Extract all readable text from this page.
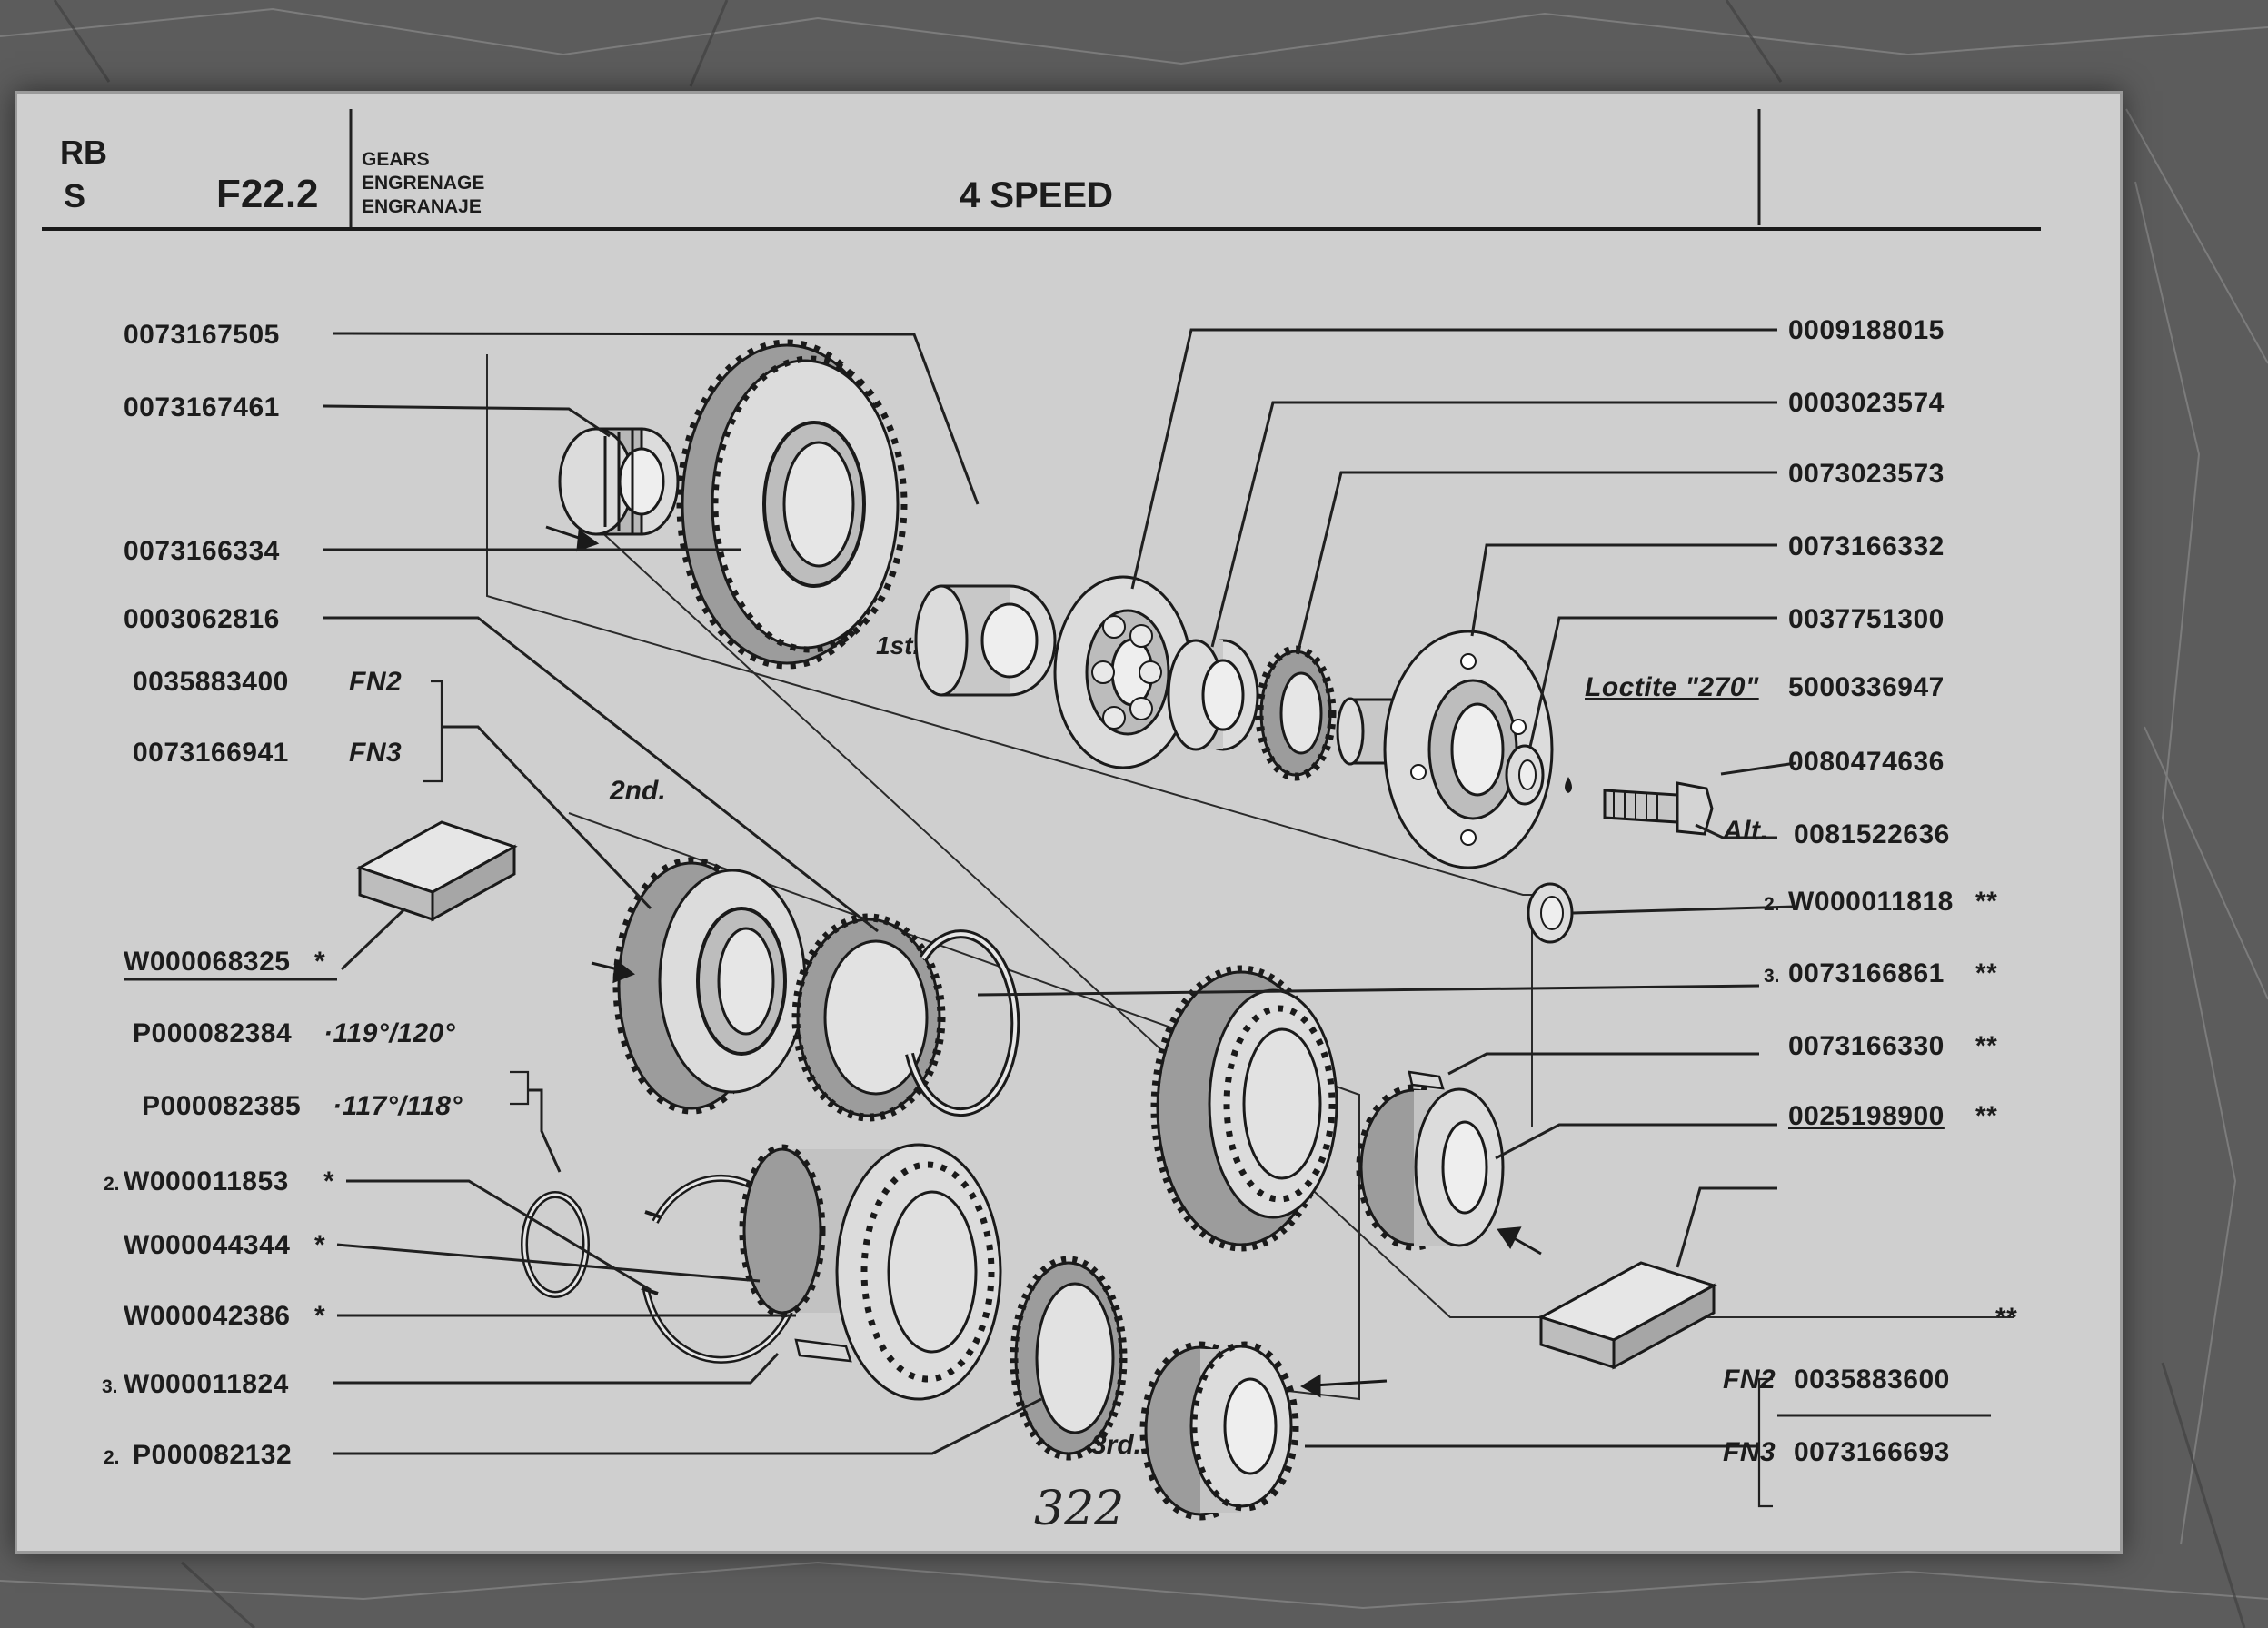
RB
S	F22.2
GEARS
ENGRENAGE
ENGRANAJE	4 SPEED
1st.
2nd.
3rd.
0073167505
0073167461
0073166334
0003062816
0035883400 FN2
0073166941 FN3
W000068325 *
P000082384 ·119°/120°
P000082385 ·117°/118°
2. W000011853 *
W000044344 *
W000042386 *
3. W000011824
2. P000082132
0009188015
0003023574
0073023573
0073166332
0037751300
Loctite "270" 5000336947
0080474636
Alt. 0081522636
2. W000011818 **
3. 0073166861 **
0073166330 **
0025198900 **
**
FN2 0035883600
FN3 0073166693
322
